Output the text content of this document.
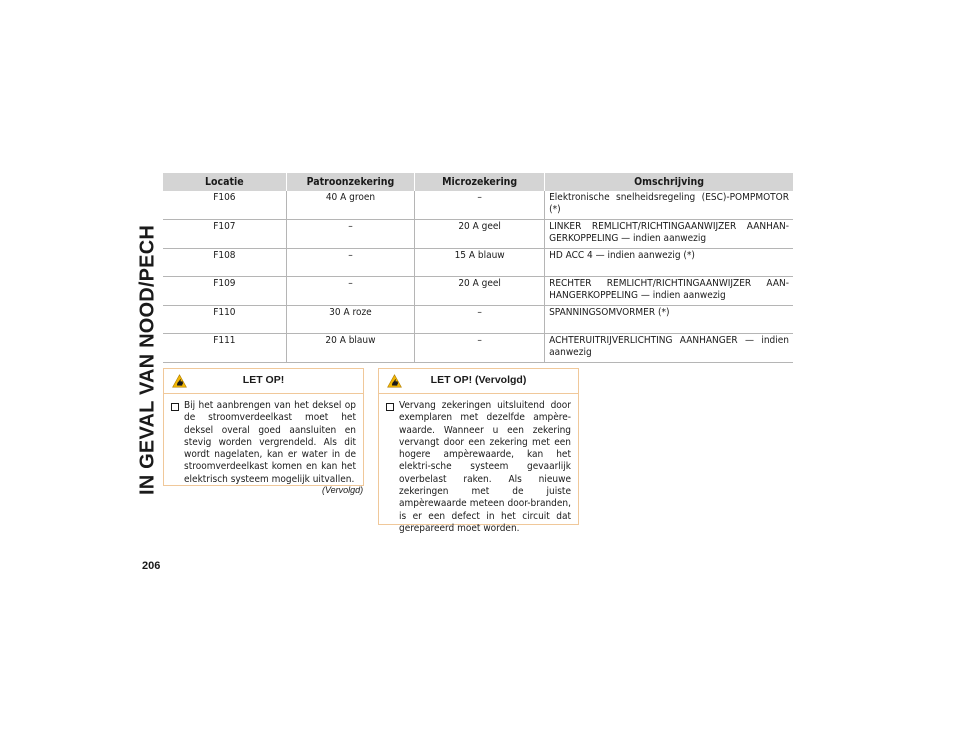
IN GEVAL VAN NOOD/PECH
206
Locatie	Patroonzekering	Microzekering	Omschrijving
F106	40 A groen	–	Elektronische snelheidsregeling (ESC)-POMPMOTOR (*)
F107	–	20 A geel	LINKER REMLICHT/RICHTINGAANWIJZER AANHAN-GERKOPPELING — indien aanwezig
F108	–	15 A blauw	HD ACC 4 — indien aanwezig (*)
F109	–	20 A geel	RECHTER REMLICHT/RICHTINGAANWIJZER AAN-HANGERKOPPELING — indien aanwezig
F110	30 A roze	–	SPANNINGSOMVORMER (*)
F111	20 A blauw	–	ACHTERUITRIJVERLICHTING AANHANGER — indien aanwezig
LET OP!
Bij het aanbrengen van het deksel op de stroomverdeelkast moet het deksel overal goed aansluiten en stevig worden vergrendeld. Als dit wordt nagelaten, kan er water in de stroomverdeelkast komen en kan het elektrisch systeem mogelijk uitvallen.
(Vervolgd)
LET OP! (Vervolgd)
Vervang zekeringen uitsluitend door exemplaren met dezelfde ampère-waarde. Wanneer u een zekering vervangt door een zekering met een hogere ampèrewaarde, kan het elektri-sche systeem gevaarlijk overbelast raken. Als nieuwe zekeringen met de juiste ampèrewaarde meteen door-branden, is er een defect in het circuit dat gerepareerd moet worden.
